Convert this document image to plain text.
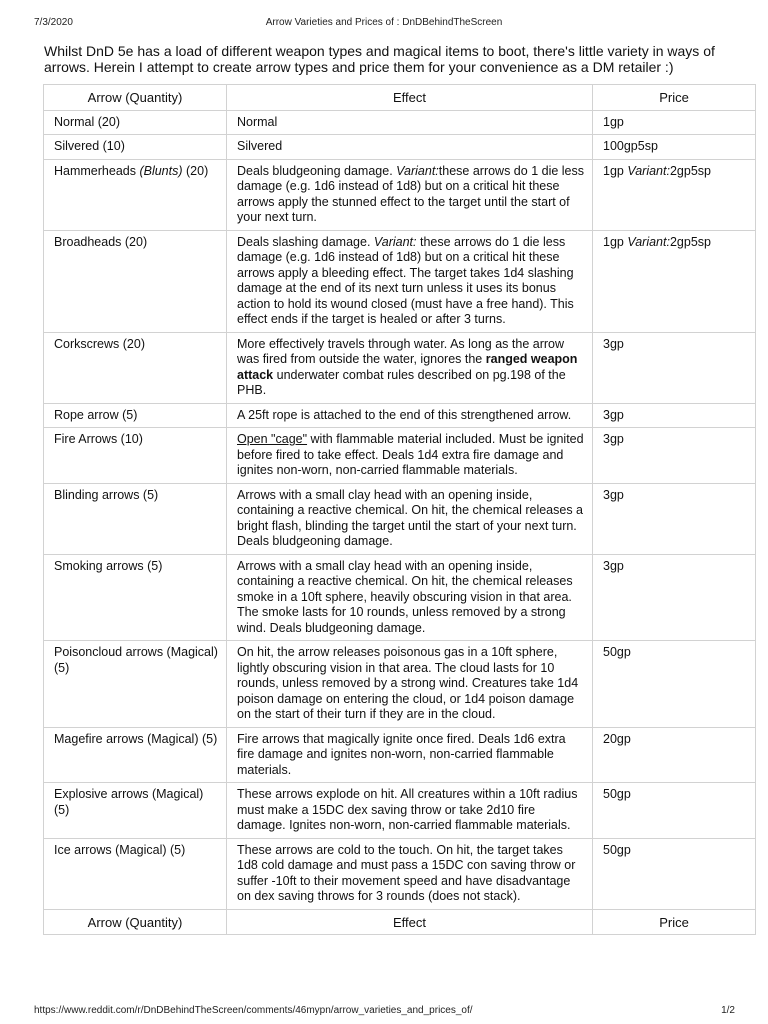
7/3/2020	Arrow Varieties and Prices of : DnDBehindTheScreen
Whilst DnD 5e has a load of different weapon types and magical items to boot, there's little variety in ways of arrows. Herein I attempt to create arrow types and price them for your convenience as a DM retailer :)
Arrow (Quantity)	Effect	Price
Normal (20)	Normal	1gp
Silvered (10)	Silvered	100gp5sp
Hammerheads (Blunts) (20)	Deals bludgeoning damage. Variant:these arrows do 1 die less damage (e.g. 1d6 instead of 1d8) but on a critical hit these arrows apply the stunned effect to the target until the start of your next turn.	1gp Variant:2gp5sp
Broadheads (20)	Deals slashing damage. Variant: these arrows do 1 die less damage (e.g. 1d6 instead of 1d8) but on a critical hit these arrows apply a bleeding effect. The target takes 1d4 slashing damage at the end of its next turn unless it uses its bonus action to hold its wound closed (must have a free hand). This effect ends if the target is healed or after 3 turns.	1gp Variant:2gp5sp
Corkscrews (20)	More effectively travels through water. As long as the arrow was fired from outside the water, ignores the ranged weapon attack underwater combat rules described on pg.198 of the PHB.	3gp
Rope arrow (5)	A 25ft rope is attached to the end of this strengthened arrow.	3gp
Fire Arrows (10)	Open "cage" with flammable material included. Must be ignited before fired to take effect. Deals 1d4 extra fire damage and ignites non-worn, non-carried flammable materials.	3gp
Blinding arrows (5)	Arrows with a small clay head with an opening inside, containing a reactive chemical. On hit, the chemical releases a bright flash, blinding the target until the start of your next turn. Deals bludgeoning damage.	3gp
Smoking arrows (5)	Arrows with a small clay head with an opening inside, containing a reactive chemical. On hit, the chemical releases smoke in a 10ft sphere, heavily obscuring vision in that area. The smoke lasts for 10 rounds, unless removed by a strong wind. Deals bludgeoning damage.	3gp
Poisoncloud arrows (Magical) (5)	On hit, the arrow releases poisonous gas in a 10ft sphere, lightly obscuring vision in that area. The cloud lasts for 10 rounds, unless removed by a strong wind. Creatures take 1d4 poison damage on entering the cloud, or 1d4 poison damage on the start of their turn if they are in the cloud.	50gp
Magefire arrows (Magical) (5)	Fire arrows that magically ignite once fired. Deals 1d6 extra fire damage and ignites non-worn, non-carried flammable materials.	20gp
Explosive arrows (Magical) (5)	These arrows explode on hit. All creatures within a 10ft radius must make a 15DC dex saving throw or take 2d10 fire damage. Ignites non-worn, non-carried flammable materials.	50gp
Ice arrows (Magical) (5)	These arrows are cold to the touch. On hit, the target takes 1d8 cold damage and must pass a 15DC con saving throw or suffer -10ft to their movement speed and have disadvantage on dex saving throws for 3 rounds (does not stack).	50gp
Arrow (Quantity)	Effect	Price
https://www.reddit.com/r/DnDBehindTheScreen/comments/46mypn/arrow_varieties_and_prices_of/	1/2
